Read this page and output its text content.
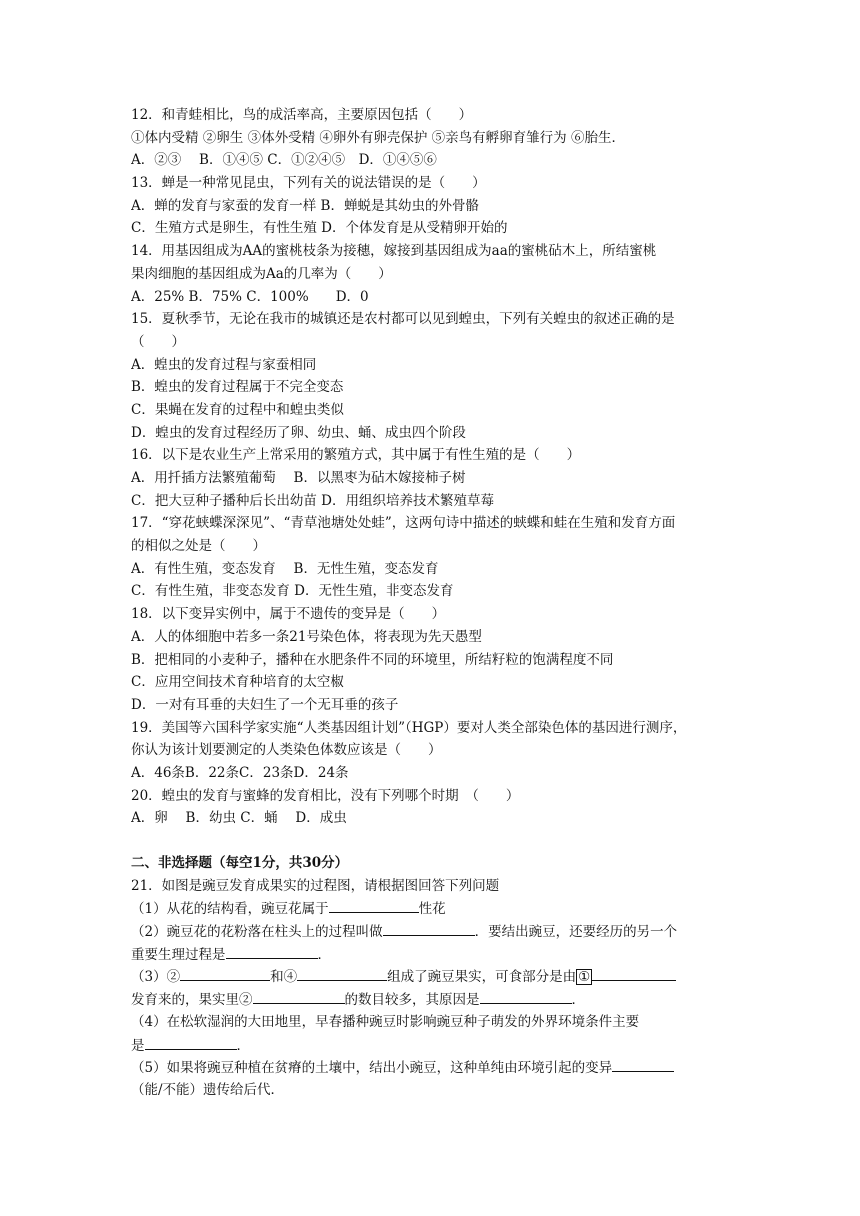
12．和青蛙相比，鸟的成活率高，主要原因包括（　　）
①体内受精 ②卵生 ③体外受精 ④卵外有卵壳保护 ⑤亲鸟有孵卵育雏行为 ⑥胎生．
A．②③　 B．①④⑤ C．①②④⑤　D．①④⑤⑥
13．蝉是一种常见昆虫，下列有关的说法错误的是（　　）
A．蝉的发育与家蚕的发育一样 B．蝉蜕是其幼虫的外骨骼
C．生殖方式是卵生，有性生殖 D．个体发育是从受精卵开始的
14．用基因组成为AA的蜜桃枝条为接穗，嫁接到基因组成为aa的蜜桃砧木上，所结蜜桃
果肉细胞的基因组成为Aa的几率为（　　）
A．25% B．75% C．100%　　D．0
15．夏秋季节，无论在我市的城镇还是农村都可以见到蝗虫，下列有关蝗虫的叙述正确的是
（　　）
A．蝗虫的发育过程与家蚕相同
B．蝗虫的发育过程属于不完全变态
C．果蝇在发育的过程中和蝗虫类似
D．蝗虫的发育过程经历了卵、幼虫、蛹、成虫四个阶段
16．以下是农业生产上常采用的繁殖方式，其中属于有性生殖的是（　　）
A．用扦插方法繁殖葡萄　 B．以黑枣为砧木嫁接柿子树
C．把大豆种子播种后长出幼苗 D．用组织培养技术繁殖草莓
17．“穿花蛱蝶深深见”、“青草池塘处处蛙”，这两句诗中描述的蛱蝶和蛙在生殖和发育方面
的相似之处是（　　）
A．有性生殖，变态发育　 B．无性生殖，变态发育
C．有性生殖，非变态发育 D．无性生殖，非变态发育
18．以下变异实例中，属于不遗传的变异是（　　）
A．人的体细胞中若多一条21号染色体，将表现为先天愚型
B．把相同的小麦种子，播种在水肥条件不同的环境里，所结籽粒的饱满程度不同
C．应用空间技术育种培育的太空椒
D．一对有耳垂的夫妇生了一个无耳垂的孩子
19．美国等六国科学家实施“人类基因组计划”（HGP）要对人类全部染色体的基因进行测序，
你认为该计划要测定的人类染色体数应该是（　　）
A．46条B．22条C．23条D．24条
20．蝗虫的发育与蜜蜂的发育相比，没有下列哪个时期　（　　）
A．卵　 B．幼虫 C．蛹　 D．成虫
二、非选择题（每空1分，共30分）
21．如图是豌豆发育成果实的过程图，请根据图回答下列问题
（1）从花的结构看，豌豆花属于	性花
（2）豌豆花的花粉落在柱头上的过程叫做	．要结出豌豆，还要经历的另一个
重要生理过程是	．
（3）②	和④	组成了豌豆果实，可食部分是由 ①
发育来的，果实里②	的数目较多，其原因是	．
（4）在松软湿润的大田地里，早春播种豌豆时影响豌豆种子萌发的外界环境条件主要
是	．
（5）如果将豌豆种植在贫瘠的土壤中，结出小豌豆，这种单纯由环境引起的变异
（能/不能）遗传给后代．
